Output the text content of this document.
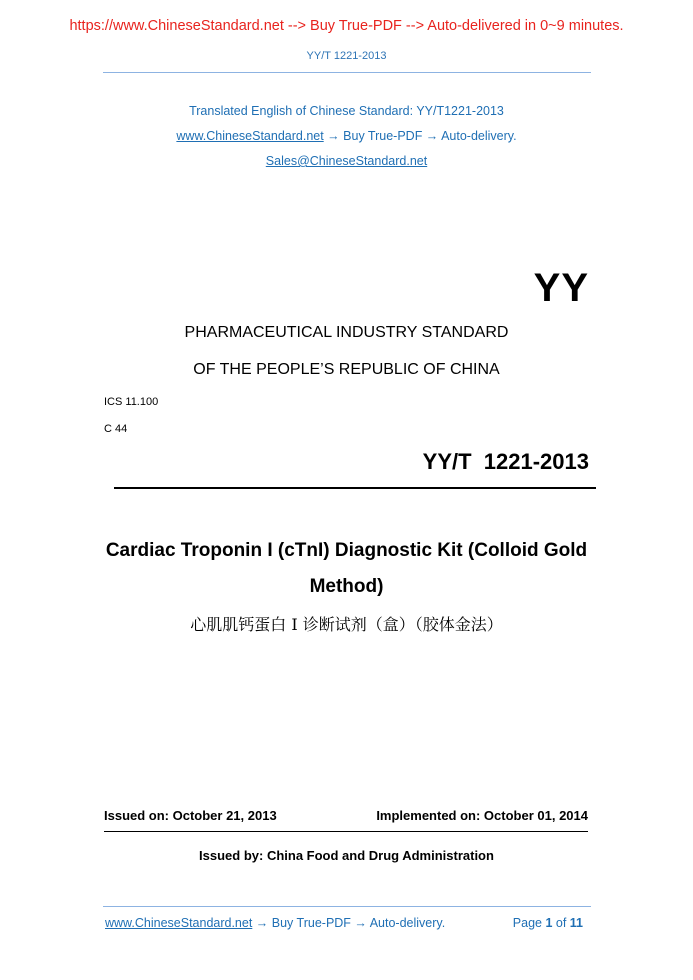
https://www.ChineseStandard.net --> Buy True-PDF --> Auto-delivered in 0~9 minutes.
YY/T 1221-2013
Translated English of Chinese Standard: YY/T1221-2013
www.ChineseStandard.net → Buy True-PDF → Auto-delivery.
Sales@ChineseStandard.net
YY
PHARMACEUTICAL INDUSTRY STANDARD
OF THE PEOPLE’S REPUBLIC OF CHINA
ICS 11.100
C 44
YY/T  1221-2013
Cardiac Troponin I (cTnI) Diagnostic Kit (Colloid Gold
Method)
心肌肌钙蛋白 I 诊断试剂（盒）（胶体金法）
Issued on: October 21, 2013	Implemented on: October 01, 2014
Issued by: China Food and Drug Administration
www.ChineseStandard.net → Buy True-PDF → Auto-delivery.	Page 1 of 11
